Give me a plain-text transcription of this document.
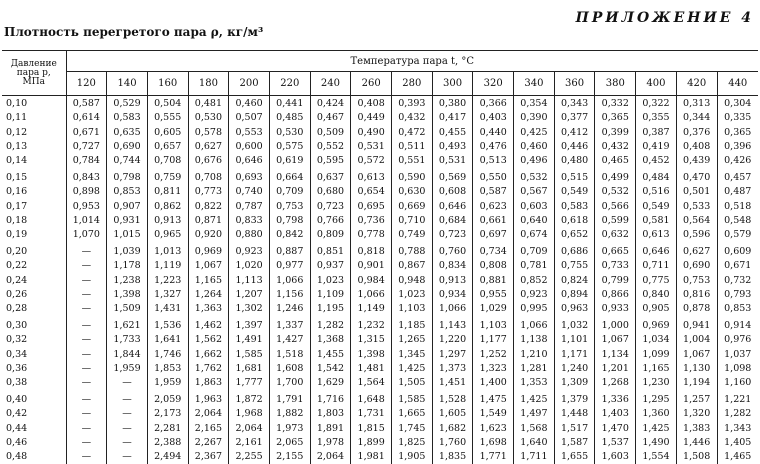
Плотность перегретого пара ρ, кг/м³
ПРИЛОЖЕНИЕ 4
Давление
пара p,
МПа	Температура пара t, °C																
	120	140	160	180	200	220	240	260	280	300	320	340	360	380	400	420	440
0,10	0,587	0,529	0,504	0,481	0,460	0,441	0,424	0,408	0,393	0,380	0,366	0,354	0,343	0,332	0,322	0,313	0,304
0,11	0,614	0,583	0,555	0,530	0,507	0,485	0,467	0,449	0,432	0,417	0,403	0,390	0,377	0,365	0,355	0,344	0,335
0,12	0,671	0,635	0,605	0,578	0,553	0,530	0,509	0,490	0,472	0,455	0,440	0,425	0,412	0,399	0,387	0,376	0,365
0,13	0,727	0,690	0,657	0,627	0,600	0,575	0,552	0,531	0,511	0,493	0,476	0,460	0,446	0,432	0,419	0,408	0,396
0,14	0,784	0,744	0,708	0,676	0,646	0,619	0,595	0,572	0,551	0,531	0,513	0,496	0,480	0,465	0,452	0,439	0,426
0,15	0,843	0,798	0,759	0,708	0,693	0,664	0,637	0,613	0,590	0,569	0,550	0,532	0,515	0,499	0,484	0,470	0,457
0,16	0,898	0,853	0,811	0,773	0,740	0,709	0,680	0,654	0,630	0,608	0,587	0,567	0,549	0,532	0,516	0,501	0,487
0,17	0,953	0,907	0,862	0,822	0,787	0,753	0,723	0,695	0,669	0,646	0,623	0,603	0,583	0,566	0,549	0,533	0,518
0,18	1,014	0,931	0,913	0,871	0,833	0,798	0,766	0,736	0,710	0,684	0,661	0,640	0,618	0,599	0,581	0,564	0,548
0,19	1,070	1,015	0,965	0,920	0,880	0,842	0,809	0,778	0,749	0,723	0,697	0,674	0,652	0,632	0,613	0,596	0,579
0,20	—	1,039	1,013	0,969	0,923	0,887	0,851	0,818	0,788	0,760	0,734	0,709	0,686	0,665	0,646	0,627	0,609
0,22	—	1,178	1,119	1,067	1,020	0,977	0,937	0,901	0,867	0,834	0,808	0,781	0,755	0,733	0,711	0,690	0,671
0,24	—	1,238	1,223	1,165	1,113	1,066	1,023	0,984	0,948	0,913	0,881	0,852	0,824	0,799	0,775	0,753	0,732
0,26	—	1,398	1,327	1,264	1,207	1,156	1,109	1,066	1,023	0,934	0,955	0,923	0,894	0,866	0,840	0,816	0,793
0,28	—	1,509	1,431	1,363	1,302	1,246	1,195	1,149	1,103	1,066	1,029	0,995	0,963	0,933	0,905	0,878	0,853
0,30	—	1,621	1,536	1,462	1,397	1,337	1,282	1,232	1,185	1,143	1,103	1,066	1,032	1,000	0,969	0,941	0,914
0,32	—	1,733	1,641	1,562	1,491	1,427	1,368	1,315	1,265	1,220	1,177	1,138	1,101	1,067	1,034	1,004	0,976
0,34	—	1,844	1,746	1,662	1,585	1,518	1,455	1,398	1,345	1,297	1,252	1,210	1,171	1,134	1,099	1,067	1,037
0,36	—	1,959	1,853	1,762	1,681	1,608	1,542	1,481	1,425	1,373	1,323	1,281	1,240	1,201	1,165	1,130	1,098
0,38	—	—	1,959	1,863	1,777	1,700	1,629	1,564	1,505	1,451	1,400	1,353	1,309	1,268	1,230	1,194	1,160
0,40	—	—	2,059	1,963	1,872	1,791	1,716	1,648	1,585	1,528	1,475	1,425	1,379	1,336	1,295	1,257	1,221
0,42	—	—	2,173	2,064	1,968	1,882	1,803	1,731	1,665	1,605	1,549	1,497	1,448	1,403	1,360	1,320	1,282
0,44	—	—	2,281	2,165	2,064	1,973	1,891	1,815	1,745	1,682	1,623	1,568	1,517	1,470	1,425	1,383	1,343
0,46	—	—	2,388	2,267	2,161	2,065	1,978	1,899	1,825	1,760	1,698	1,640	1,587	1,537	1,490	1,446	1,405
0,48	—	—	2,494	2,367	2,255	2,155	2,064	1,981	1,905	1,835	1,771	1,711	1,655	1,603	1,554	1,508	1,465
